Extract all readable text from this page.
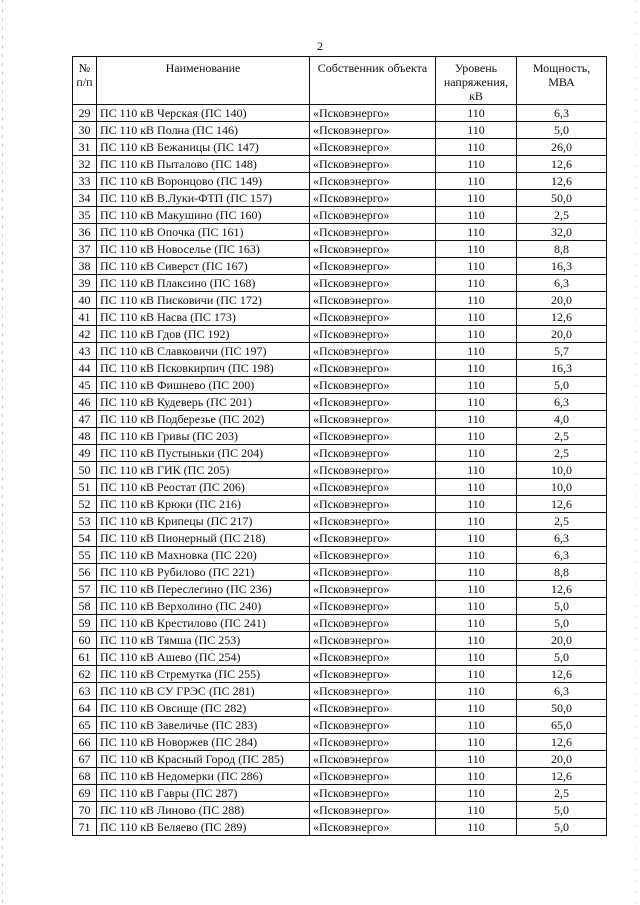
2
№ п/п	Наименование	Собственник объекта	Уровень напряжения, кВ	Мощность, МВА
29	ПС 110 кВ Черская (ПС 140)	«Псковэнерго»	110	6,3
30	ПС 110 кВ Полна (ПС 146)	«Псковэнерго»	110	5,0
31	ПС 110 кВ Бежаницы (ПС 147)	«Псковэнерго»	110	26,0
32	ПС 110 кВ Пыталово (ПС 148)	«Псковэнерго»	110	12,6
33	ПС 110 кВ Воронцово (ПС 149)	«Псковэнерго»	110	12,6
34	ПС 110 кВ В.Луки-ФТП (ПС 157)	«Псковэнерго»	110	50,0
35	ПС 110 кВ Макушино (ПС 160)	«Псковэнерго»	110	2,5
36	ПС 110 кВ Опочка (ПС 161)	«Псковэнерго»	110	32,0
37	ПС 110 кВ Новоселье (ПС 163)	«Псковэнерго»	110	8,8
38	ПС 110 кВ Сиверст (ПС 167)	«Псковэнерго»	110	16,3
39	ПС 110 кВ Плаксино (ПС 168)	«Псковэнерго»	110	6,3
40	ПС 110 кВ Писковичи (ПС 172)	«Псковэнерго»	110	20,0
41	ПС 110 кВ Насва (ПС 173)	«Псковэнерго»	110	12,6
42	ПС 110 кВ Гдов (ПС 192)	«Псковэнерго»	110	20,0
43	ПС 110 кВ Славковичи (ПС 197)	«Псковэнерго»	110	5,7
44	ПС 110 кВ Псковкирпич (ПС 198)	«Псковэнерго»	110	16,3
45	ПС 110 кВ Фишнево (ПС 200)	«Псковэнерго»	110	5,0
46	ПС 110 кВ Кудеверь (ПС 201)	«Псковэнерго»	110	6,3
47	ПС 110 кВ Подберезье (ПС 202)	«Псковэнерго»	110	4,0
48	ПС 110 кВ Гривы (ПС 203)	«Псковэнерго»	110	2,5
49	ПС 110 кВ Пустыньки (ПС 204)	«Псковэнерго»	110	2,5
50	ПС 110 кВ ГИК (ПС 205)	«Псковэнерго»	110	10,0
51	ПС 110 кВ Реостат (ПС 206)	«Псковэнерго»	110	10,0
52	ПС 110 кВ Крюки (ПС 216)	«Псковэнерго»	110	12,6
53	ПС 110 кВ Крипецы (ПС 217)	«Псковэнерго»	110	2,5
54	ПС 110 кВ Пионерный (ПС 218)	«Псковэнерго»	110	6,3
55	ПС 110 кВ Махновка (ПС 220)	«Псковэнерго»	110	6,3
56	ПС 110 кВ Рубилово (ПС 221)	«Псковэнерго»	110	8,8
57	ПС 110 кВ Переслегино (ПС 236)	«Псковэнерго»	110	12,6
58	ПС 110 кВ Верхолино (ПС 240)	«Псковэнерго»	110	5,0
59	ПС 110 кВ Крестилово (ПС 241)	«Псковэнерго»	110	5,0
60	ПС 110 кВ Тямша (ПС 253)	«Псковэнерго»	110	20,0
61	ПС 110 кВ Ашево (ПС 254)	«Псковэнерго»	110	5,0
62	ПС 110 кВ Стремутка (ПС 255)	«Псковэнерго»	110	12,6
63	ПС 110 кВ СУ ГРЭС (ПС 281)	«Псковэнерго»	110	6,3
64	ПС 110 кВ Овсище (ПС 282)	«Псковэнерго»	110	50,0
65	ПС 110 кВ Завеличье (ПС 283)	«Псковэнерго»	110	65,0
66	ПС 110 кВ Новоржев (ПС 284)	«Псковэнерго»	110	12,6
67	ПС 110 кВ Красный Город (ПС 285)	«Псковэнерго»	110	20,0
68	ПС 110 кВ Недомерки (ПС 286)	«Псковэнерго»	110	12,6
69	ПС 110 кВ Гавры (ПС 287)	«Псковэнерго»	110	2,5
70	ПС 110 кВ Линово (ПС 288)	«Псковэнерго»	110	5,0
71	ПС 110 кВ Беляево (ПС 289)	«Псковэнерго»	110	5,0
